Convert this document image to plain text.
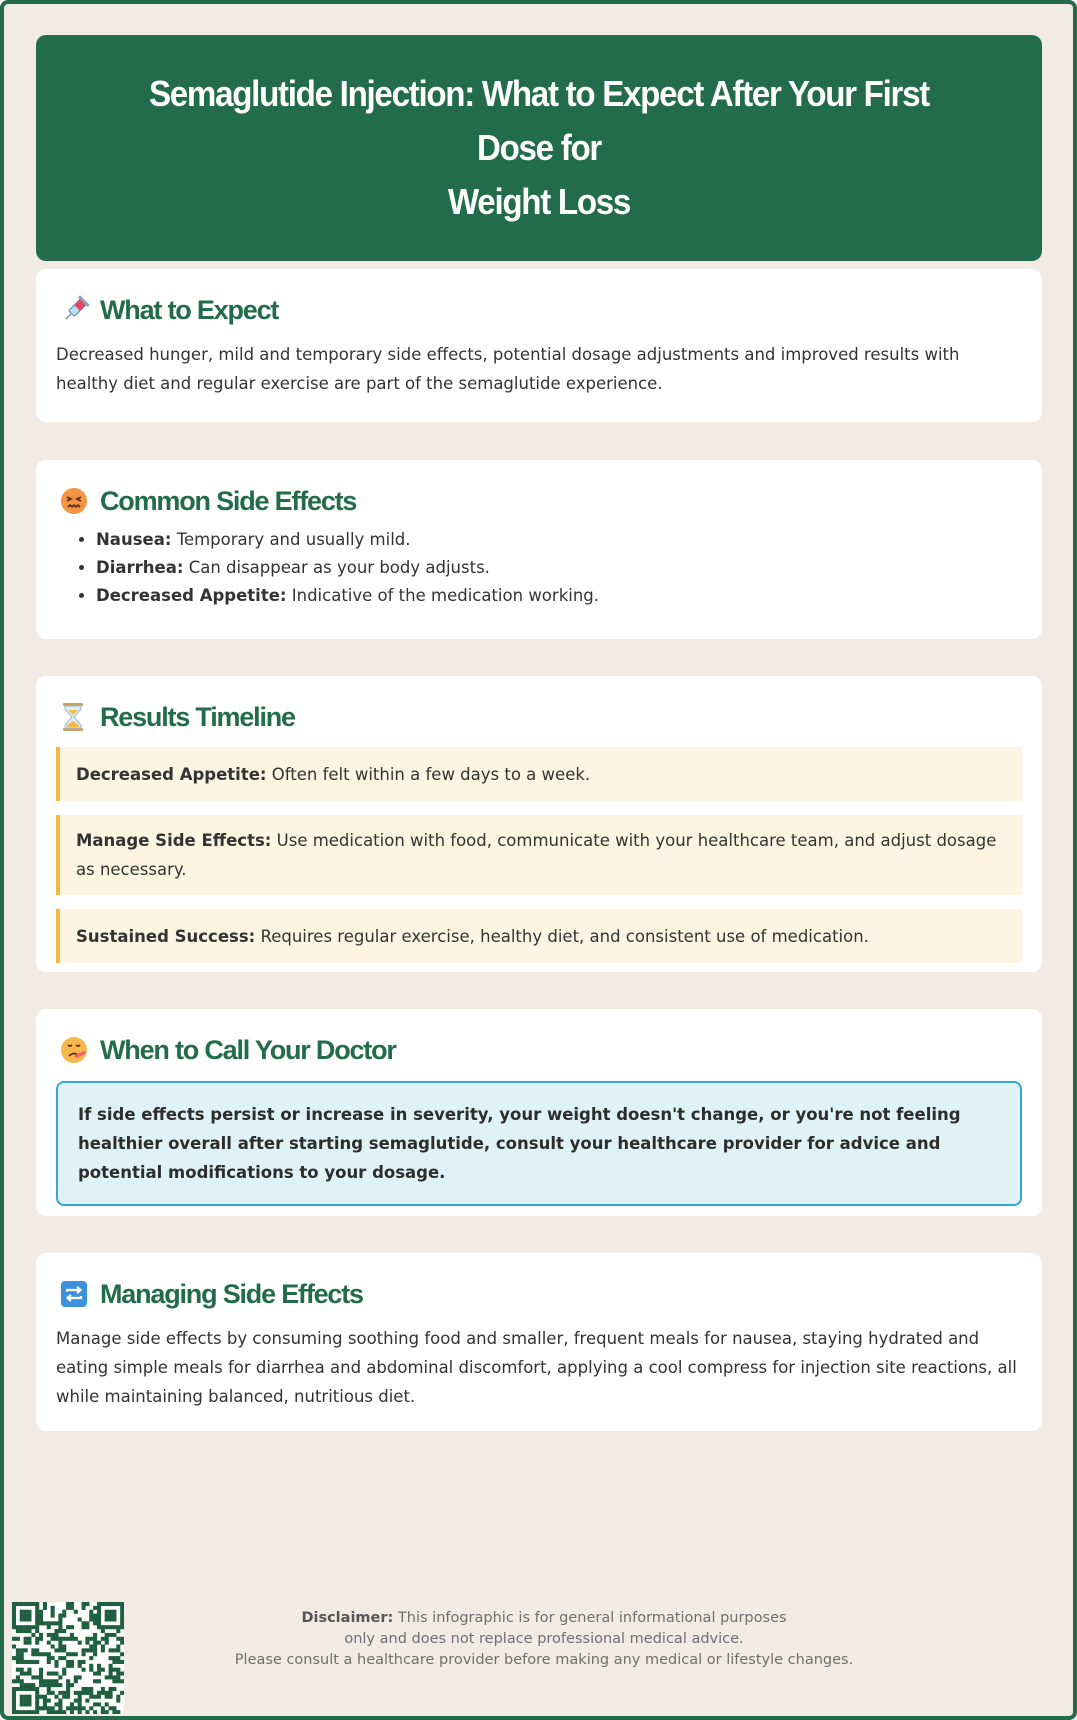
Semaglutide Injection: What to Expect After Your First Dose for
Weight Loss
What to Expect

Decreased hunger, mild and temporary side effects, potential dosage adjustments and improved results with healthy diet and regular exercise are part of the semaglutide experience.

Common Side Effects
• Nausea: Temporary and usually mild.
• Diarrhea: Can disappear as your body adjusts.
• Decreased Appetite: Indicative of the medication working.
Results Timeline
Decreased Appetite: Often felt within a few days to a week.
Manage Side Effects: Use medication with food, communicate with your healthcare team, and adjust dosage as necessary.
Sustained Success: Requires regular exercise, healthy diet, and consistent use of medication.
When to Call Your Doctor
If side effects persist or increase in severity, your weight doesn't change, or you're not feeling healthier overall after starting semaglutide, consult your healthcare provider for advice and potential modifications to your dosage.
Managing Side Effects

Manage side effects by consuming soothing food and smaller, frequent meals for nausea, staying hydrated and eating simple meals for diarrhea and abdominal discomfort, applying a cool compress for injection site reactions, all while maintaining balanced, nutritious diet.

Disclaimer: This infographic is for general informational purposes
only and does not replace professional medical advice.
Please consult a healthcare provider before making any medical or lifestyle changes.
